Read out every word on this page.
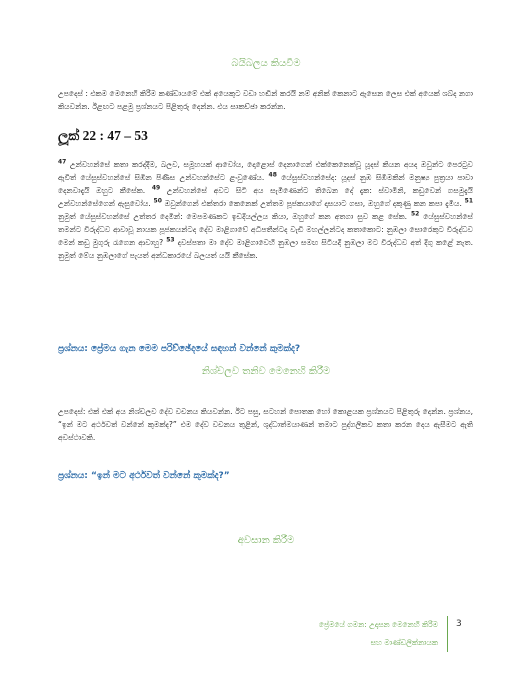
බයිබලය කියවීම
උපදෙස් : එකම මෙනෙහි කිරීම කණ්ඩායමේ එක් අයෙකුට වඩා හඬින් කරයි නම් අනික් කෙනාට ඇසෙන ලෙස එක් අයෙක් ශබ්ද නගා කියවන්න. ඊළඟට පළමු ප්‍රශ්නයට පිළිතුරු දෙන්න. එය සාකච්ඡා කරන්න.
ලූක් 22 : 47 – 53
$^{47}$ උන්වහන්සේ කතා කරද්දීම, බලව, සමූහයක් ආවෝය, දොළොස් දෙනාගෙන් එක්කෙනෙක්වූ යූදස් කියන අයද ඔවුන්ට පෙරටුව ඇවිත් යේසුස්වහන්සේ සිඹින පිණිස උන්වහන්සේට ළංවුණේය. $^{48}$ යේසුස්වහන්සේද: යූදස් නුඹ සිඹීමකින් මනුෂ්‍ය පුත්‍රයා පාවා දෙනවාදැයි ඔහුට කීසේක. $^{49}$ උන්වහන්සේ අවට සිටි අය සැමිණෙන්ට තිබෙන දේ දැක: ස්වාමීනි, කඩුවෙන් ගසමුදැයි උන්වහන්සේගෙන් ඇසුවෝය. $^{50}$ ඔවුන්ගෙන් එක්තරා කෙනෙක් උත්තම පූජකයාගේ දාසයාට ගසා, ඔහුගේ දකුණු කන කපා දැමීය. $^{51}$ නුමුත් යේසුස්වහන්සේ උත්තර දෙමින්: මෙපමණකට ඉඩදියල්ලය කියා, ඔහුගේ කන අතගා සුව කළ සේක. $^{52}$ යේසුස්වහන්සේ තමන්ට විරුද්ධව ආවාවූ නායක පූජකයන්ටද දේව මාළිගාවේ අධිපතීන්ටද වැඩි මහල්ලන්ටද කතාකොට: නුඹලා සොරෙකුට විරුද්ධව මෙන් කඩු මුගුරු රැගෙන ආවාහු? $^{53}$ දවස්පතා මා දේව මාළිගාවෙහි නුඹලා සමඟ සිටියදී නුඹලා මට විරුද්ධව අත් දිගු කළේ නැත. නුමුත් මේය නුඹලාගේ පැයත් අන්ධකාරයේ බලයත් යයි කීසේක.
ප්‍රශ්නය: ප්‍රේමය ගැන මෙම පරිච්ඡේදයේ සඳහන් වන්නේ කුමක්ද?
නිශ්චලව තනිව මෙනෙහි කිරීම
උපදෙස්: එක් එක් අය නිශ්චලව දේව වචනය කියවන්න. ඊට පසු, සටහන් පොතක හෝ කොළයක ප්‍රශ්නයට පිළිතුරු දෙන්න. ප්‍රශ්නය, “ඉන් මට අර්ථවත් වන්නේ කුමක්ද?” එම දේව වචනය තුළින්, ශුද්ධාත්මයාණන් තමාට පුද්ගලිකව කතා කරන දෙය ඇසීමට ඇති අවස්ථාවකි.
ප්‍රශ්නය: “ඉන් මට අර්ථවත් වන්නේ කුමක්ද?”
අවසාන කිරීම
ප්‍රේමයේ ගමන: උදාසන මෙනෙහි කිරීම
සහ මාණ්ඩලික්නායක
3
